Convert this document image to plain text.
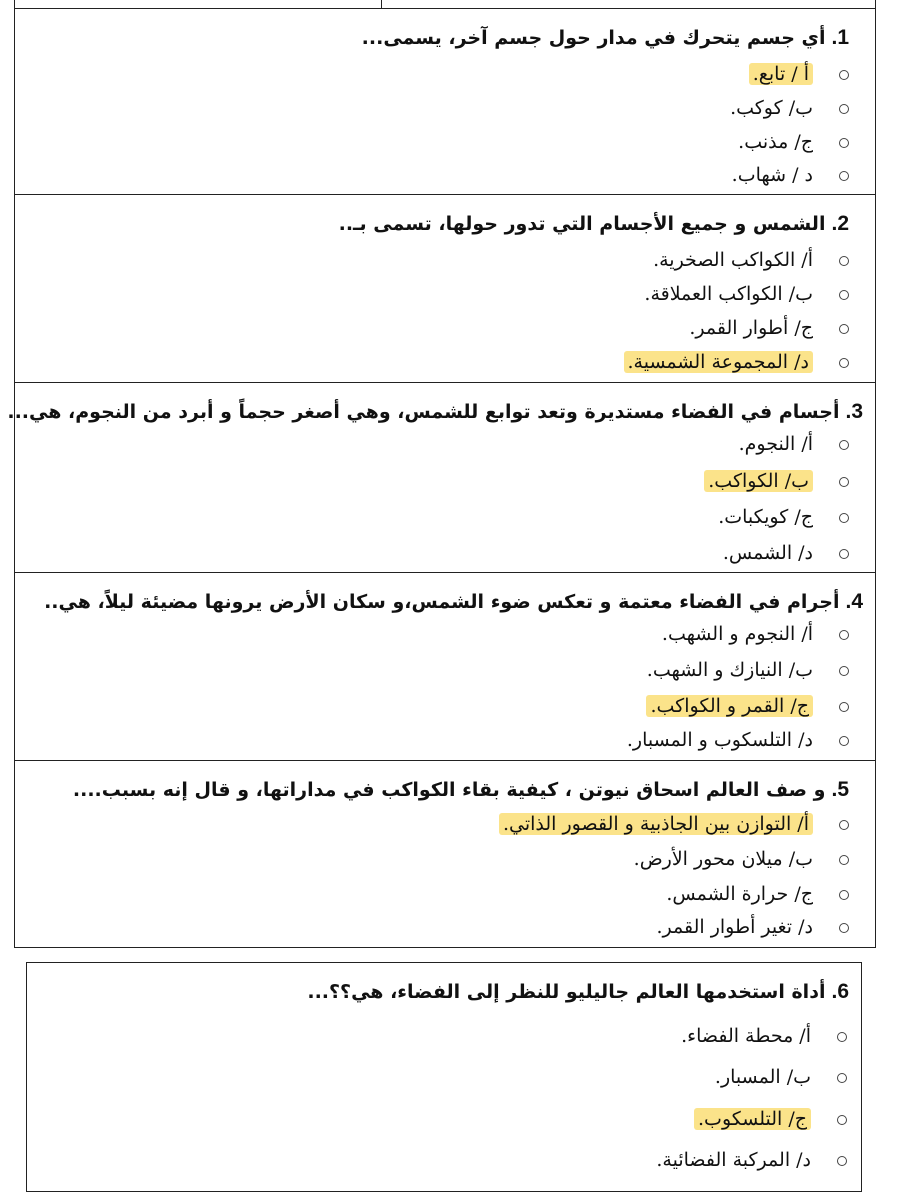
1.أي جسم يتحرك في مدار حول جسم آخر، يسمى...
أ / تابع.
ب/ كوكب.
ج/ مذنب.
د / شهاب.
2.الشمس و جميع الأجسام التي تدور حولها، تسمى بـ..
أ/ الكواكب الصخرية.
ب/ الكواكب العملاقة.
ج/ أطوار القمر.
د/ المجموعة الشمسية.
3.أجسام في الفضاء مستديرة وتعد توابع للشمس، وهي أصغر حجماً و أبرد من النجوم، هي...
أ/ النجوم.
ب/ الكواكب.
ج/ كويكبات.
د/ الشمس.
4.أجرام في الفضاء معتمة و تعكس ضوء الشمس،و سكان الأرض يرونها مضيئة ليلاً، هي..
أ/ النجوم و الشهب.
ب/ النيازك و الشهب.
ج/ القمر و الكواكب.
د/ التلسكوب و المسبار.
5.و صف العالم اسحاق نيوتن ، كيفية بقاء الكواكب في مداراتها، و قال إنه بسبب....
أ/ التوازن بين الجاذبية و القصور الذاتي.
ب/ ميلان محور الأرض.
ج/ حرارة الشمس.
د/ تغير أطوار القمر.
6.أداة استخدمها العالم جاليليو للنظر إلى الفضاء، هي؟؟...
أ/ محطة الفضاء.
ب/ المسبار.
ج/ التلسكوب.
د/ المركبة الفضائية.
